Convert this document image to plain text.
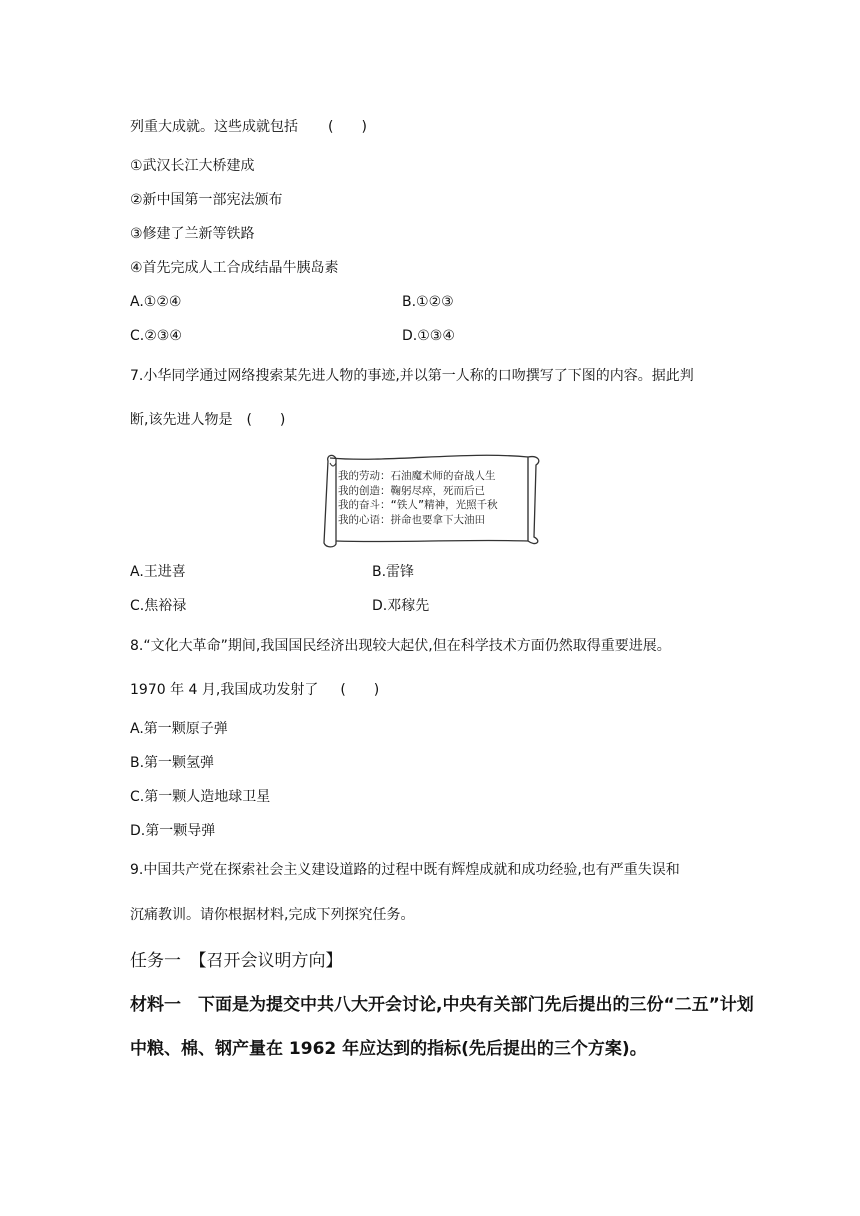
列重大成就。这些成就包括 (　　)
①武汉长江大桥建成
②新中国第一部宪法颁布
③修建了兰新等铁路
④首先完成人工合成结晶牛胰岛素
A.①②④	B.①②③
C.②③④	D.①③④
7.小华同学通过网络搜索某先进人物的事迹,并以第一人称的口吻撰写了下图的内容。据此判
断,该先进人物是 (　　)
我的劳动：石油魔术师的奋战人生
我的创造：鞠躬尽瘁，死而后已
我的奋斗：“铁人”精神，光照千秋
我的心语：拼命也要拿下大油田
A.王进喜	B.雷锋
C.焦裕禄	D.邓稼先
8.“文化大革命”期间,我国国民经济出现较大起伏,但在科学技术方面仍然取得重要进展。
1970 年 4 月,我国成功发射了 (　　)
A.第一颗原子弹
B.第一颗氢弹
C.第一颗人造地球卫星
D.第一颗导弹
9.中国共产党在探索社会主义建设道路的过程中既有辉煌成就和成功经验,也有严重失误和
沉痛教训。请你根据材料,完成下列探究任务。
任务一　【召开会议明方向】
材料一　下面是为提交中共八大开会讨论,中央有关部门先后提出的三份“二五”计划
中粮、棉、钢产量在 1962 年应达到的指标(先后提出的三个方案)。
